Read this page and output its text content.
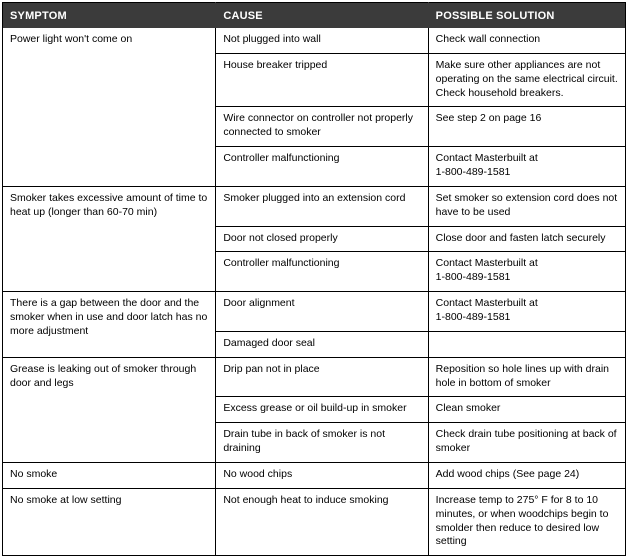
SYMPTOM	CAUSE	POSSIBLE SOLUTION
Power light won't come on	Not plugged into wall	Check wall connection
	House breaker tripped	Make sure other appliances are not operating on the same electrical circuit. Check household breakers.
	Wire connector on controller not properly connected to smoker	See step 2 on page 16
	Controller malfunctioning	Contact Masterbuilt at
1-800-489-1581
Smoker takes excessive amount of time to heat up (longer than 60-70 min)	Smoker plugged into an extension cord	Set smoker so extension cord does not have to be used
	Door not closed properly	Close door and fasten latch securely
	Controller malfunctioning	Contact Masterbuilt at
1-800-489-1581
There is a gap between the door and the smoker when in use and door latch has no more adjustment	Door alignment	Contact Masterbuilt at
1-800-489-1581
	Damaged door seal	
Grease is leaking out of smoker through door and legs	Drip pan not in place	Reposition so hole lines up with drain hole in bottom of smoker
	Excess grease or oil build-up in smoker	Clean smoker
	Drain tube in back of smoker is not draining	Check drain tube positioning at back of smoker
No smoke	No wood chips	Add wood chips (See page 24)
No smoke at low setting	Not enough heat to induce smoking	Increase temp to 275° F for 8 to 10 minutes, or when woodchips begin to smolder then reduce to desired low setting
